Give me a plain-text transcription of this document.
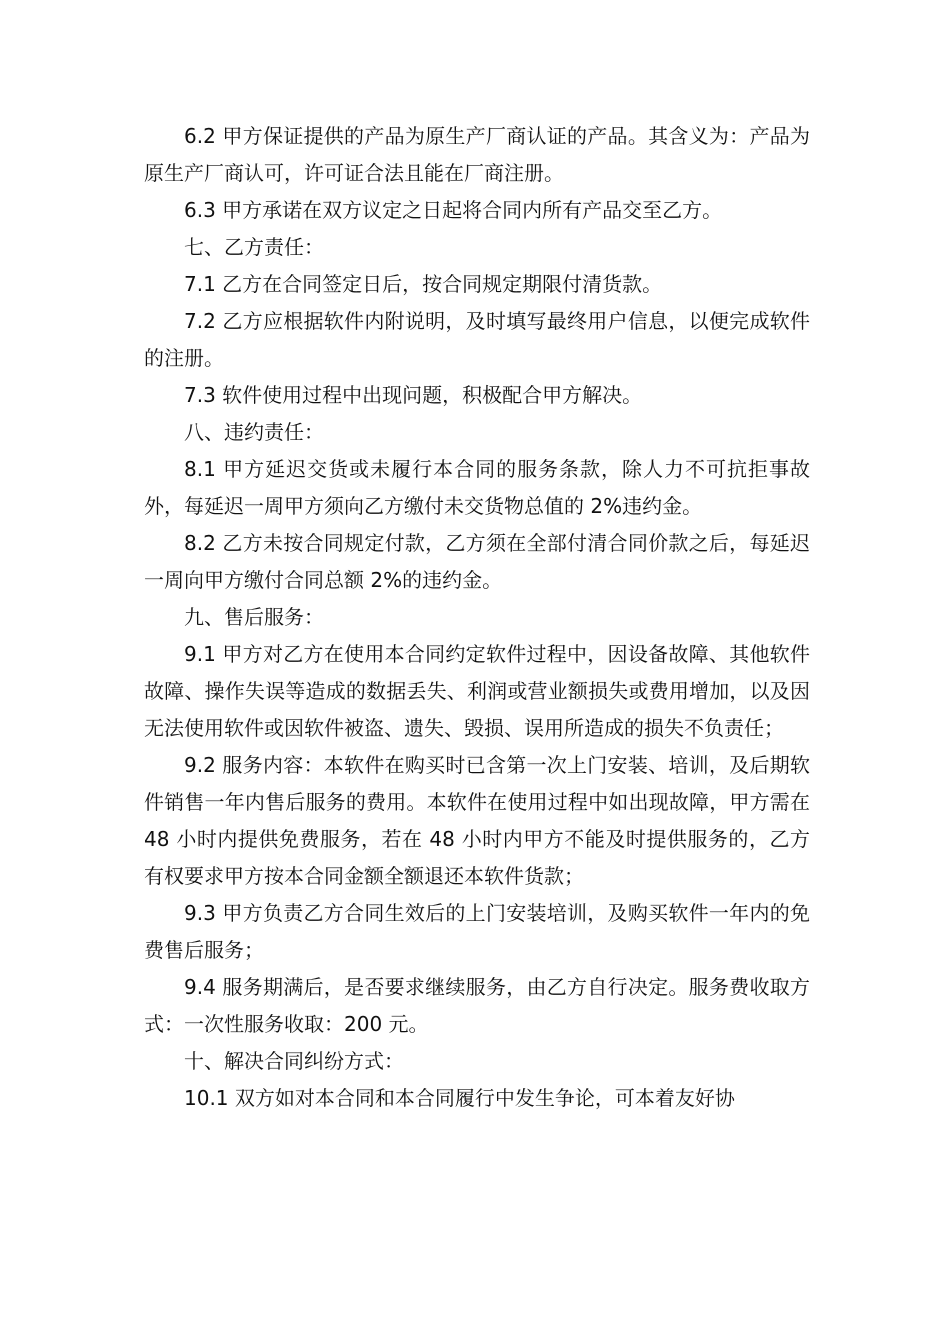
6.2 甲方保证提供的产品为原生产厂商认证的产品。其含义为：产品为原生产厂商认可，许可证合法且能在厂商注册。

6.3 甲方承诺在双方议定之日起将合同内所有产品交至乙方。

七、乙方责任：

7.1 乙方在合同签定日后，按合同规定期限付清货款。

7.2 乙方应根据软件内附说明，及时填写最终用户信息，以便完成软件的注册。

7.3 软件使用过程中出现问题，积极配合甲方解决。

八、违约责任：

8.1 甲方延迟交货或未履行本合同的服务条款，除人力不可抗拒事故外，每延迟一周甲方须向乙方缴付未交货物总值的 2%违约金。

8.2 乙方未按合同规定付款，乙方须在全部付清合同价款之后，每延迟一周向甲方缴付合同总额 2%的违约金。

九、售后服务：

9.1 甲方对乙方在使用本合同约定软件过程中，因设备故障、其他软件故障、操作失误等造成的数据丢失、利润或营业额损失或费用增加，以及因无法使用软件或因软件被盗、遗失、毁损、误用所造成的损失不负责任；

9.2 服务内容：本软件在购买时已含第一次上门安装、培训，及后期软件销售一年内售后服务的费用。本软件在使用过程中如出现故障，甲方需在 48 小时内提供免费服务，若在 48 小时内甲方不能及时提供服务的，乙方有权要求甲方按本合同金额全额退还本软件货款；

9.3 甲方负责乙方合同生效后的上门安装培训，及购买软件一年内的免费售后服务；

9.4 服务期满后，是否要求继续服务，由乙方自行决定。服务费收取方式：一次性服务收取：200 元。

十、解决合同纠纷方式：

10.1 双方如对本合同和本合同履行中发生争论，可本着友好协
